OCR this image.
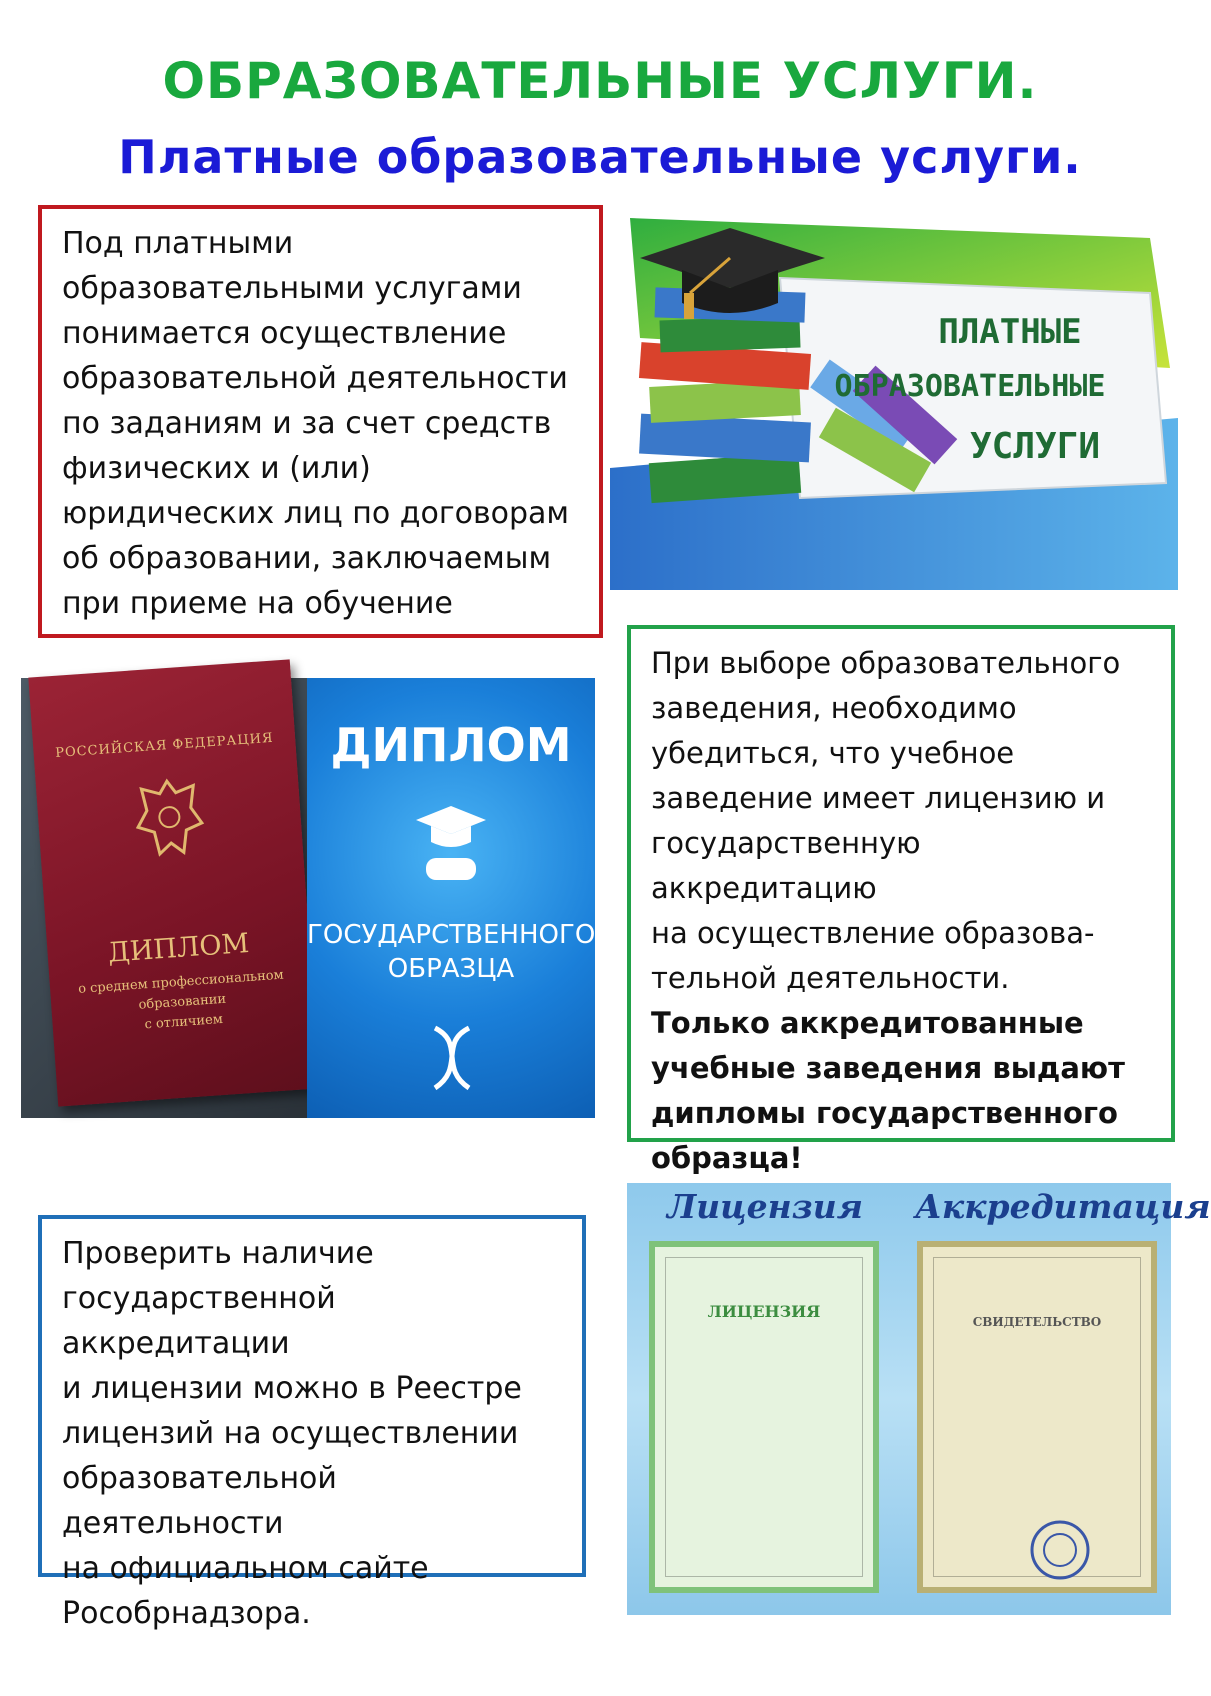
ОБРАЗОВАТЕЛЬНЫЕ УСЛУГИ.
Платные образовательные услуги.

Под платными

образовательными услугами

понимается осуществление

образовательной деятельности

по заданиям и за счет средств

физических и (или)

юридических лиц по договорам

об образовании, заключаемым

при приеме на обучение

ПЛАТНЫЕ
ОБРАЗОВАТЕЛЬНЫЕ
УСЛУГИ
РОССИЙСКАЯ ФЕДЕРАЦИЯ
ДИПЛОМ
о среднем профессиональном
образовании
с отличием
ДИПЛОМ
ГОСУДАРСТВЕННОГО
ОБРАЗЦА

При выборе образовательного

заведения, необходимо

убедиться, что учебное

заведение имеет лицензию и

государственную аккредитацию

на осуществление образова-

тельной деятельности.

Только аккредитованные

учебные заведения выдают

дипломы государственного

образца!

Проверить наличие

государственной аккредитации

и лицензии можно в Реестре

лицензий на осуществлении

образовательной деятельности

на официальном сайте

Рособрнадзора.

Лицензия Аккредитация
ЛИЦЕНЗИЯ
СВИДЕТЕЛЬСТВО
